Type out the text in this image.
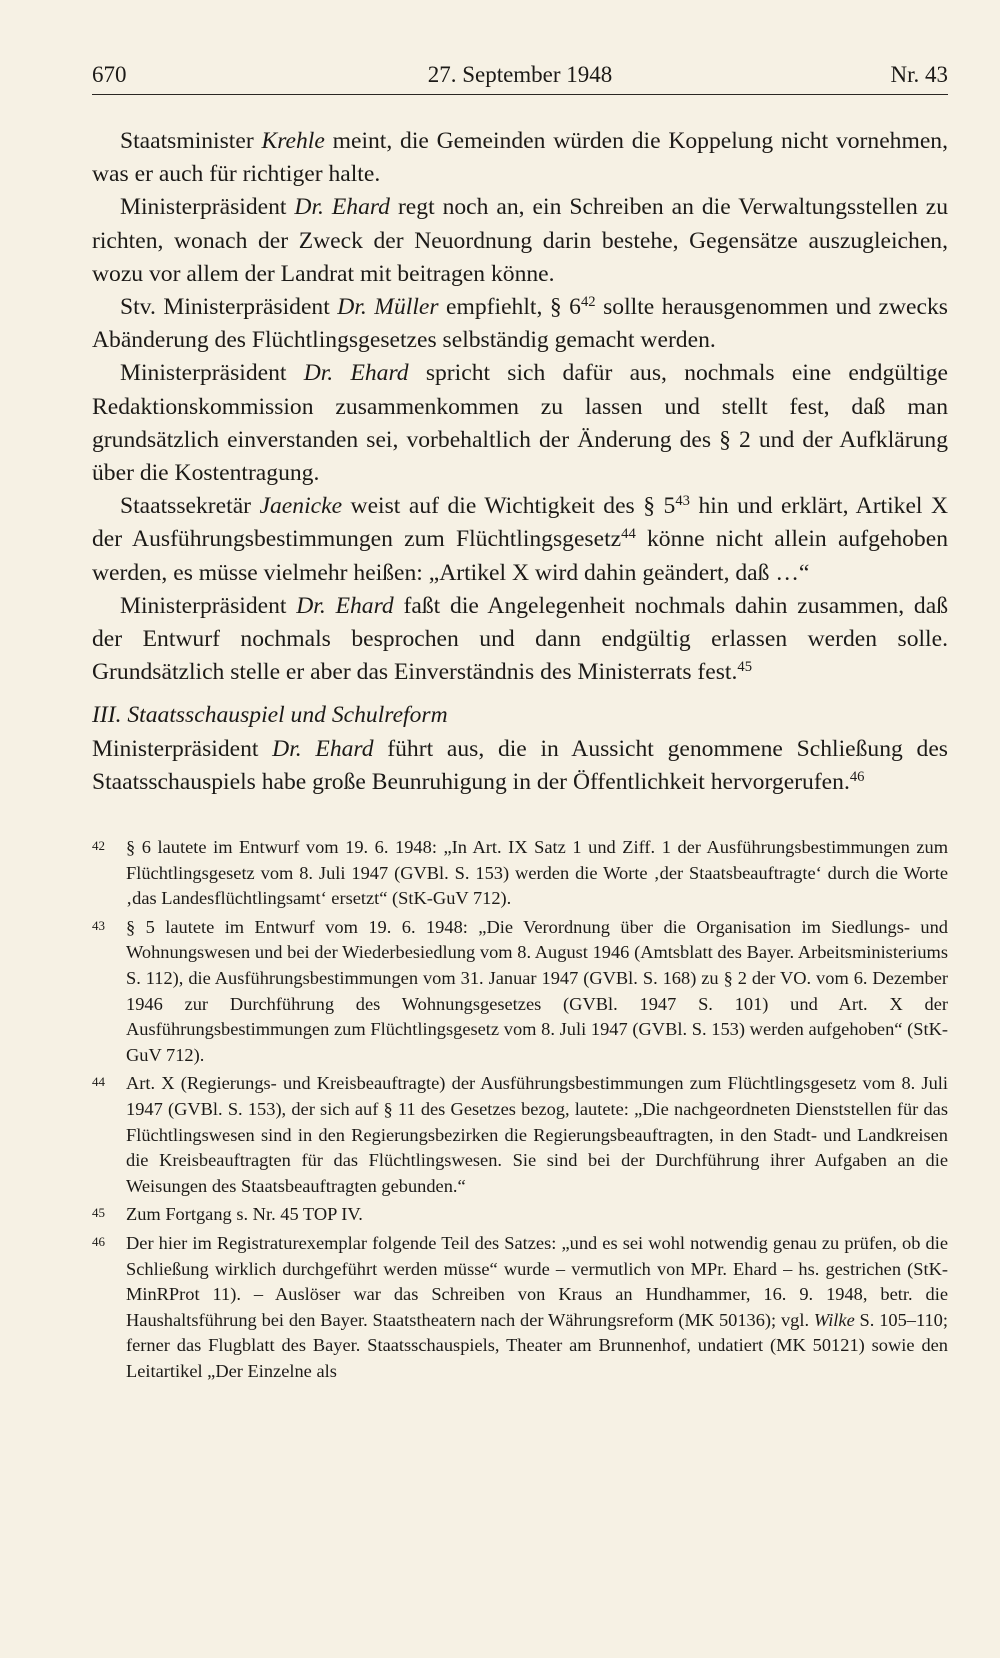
670	27. September 1948	Nr. 43

Staatsminister Krehle meint, die Gemeinden würden die Koppelung nicht vornehmen, was er auch für richtiger halte.

Ministerpräsident Dr. Ehard regt noch an, ein Schreiben an die Verwaltungsstellen zu richten, wonach der Zweck der Neuordnung darin bestehe, Gegensätze auszugleichen, wozu vor allem der Landrat mit beitragen könne.

Stv. Ministerpräsident Dr. Müller empfiehlt, § $6^{42}$ sollte herausgenommen und zwecks Abänderung des Flüchtlingsgesetzes selbständig gemacht werden.

Ministerpräsident Dr. Ehard spricht sich dafür aus, nochmals eine endgültige Redaktionskommission zusammenkommen zu lassen und stellt fest, daß man grundsätzlich einverstanden sei, vorbehaltlich der Änderung des § 2 und der Aufklärung über die Kostentragung.

Staatssekretär Jaenicke weist auf die Wichtigkeit des § $5^{43}$ hin und erklärt, Artikel X der Ausführungsbestimmungen zum Flüchtlingsgesetz$^{44}$ könne nicht allein aufgehoben werden, es müsse vielmehr heißen: „Artikel X wird dahin geändert, daß …“

Ministerpräsident Dr. Ehard faßt die Angelegenheit nochmals dahin zusammen, daß der Entwurf nochmals besprochen und dann endgültig erlassen werden solle. Grundsätzlich stelle er aber das Einverständnis des Ministerrats fest.$^{45}$

III. Staatsschauspiel und Schulreform

Ministerpräsident Dr. Ehard führt aus, die in Aussicht genommene Schließung des Staatsschauspiels habe große Beunruhigung in der Öffentlichkeit hervorgerufen.$^{46}$

42 § 6 lautete im Entwurf vom 19. 6. 1948: „In Art. IX Satz 1 und Ziff. 1 der Ausführungsbestimmungen zum Flüchtlingsgesetz vom 8. Juli 1947 (GVBl. S. 153) werden die Worte ‚der Staatsbeauftragte‘ durch die Worte ‚das Landesflüchtlingsamt‘ ersetzt“ (StK-GuV 712).
43 § 5 lautete im Entwurf vom 19. 6. 1948: „Die Verordnung über die Organisation im Siedlungs- und Wohnungswesen und bei der Wiederbesiedlung vom 8. August 1946 (Amtsblatt des Bayer. Arbeitsministeriums S. 112), die Ausführungsbestimmungen vom 31. Januar 1947 (GVBl. S. 168) zu § 2 der VO. vom 6. Dezember 1946 zur Durchführung des Wohnungsgesetzes (GVBl. 1947 S. 101) und Art. X der Ausführungsbestimmungen zum Flüchtlingsgesetz vom 8. Juli 1947 (GVBl. S. 153) werden aufgehoben“ (StK-GuV 712).
44 Art. X (Regierungs- und Kreisbeauftragte) der Ausführungsbestimmungen zum Flüchtlingsgesetz vom 8. Juli 1947 (GVBl. S. 153), der sich auf § 11 des Gesetzes bezog, lautete: „Die nachgeordneten Dienststellen für das Flüchtlingswesen sind in den Regierungsbezirken die Regierungsbeauftragten, in den Stadt- und Landkreisen die Kreisbeauftragten für das Flüchtlingswesen. Sie sind bei der Durchführung ihrer Aufgaben an die Weisungen des Staatsbeauftragten gebunden.“
45 Zum Fortgang s. Nr. 45 TOP IV.
46 Der hier im Registraturexemplar folgende Teil des Satzes: „und es sei wohl notwendig genau zu prüfen, ob die Schließung wirklich durchgeführt werden müsse“ wurde – vermutlich von MPr. Ehard – hs. gestrichen (StK-MinRProt 11). – Auslöser war das Schreiben von Kraus an Hundhammer, 16. 9. 1948, betr. die Haushaltsführung bei den Bayer. Staatstheatern nach der Währungsreform (MK 50136); vgl. Wilke S. 105–110; ferner das Flugblatt des Bayer. Staatsschauspiels, Theater am Brunnenhof, undatiert (MK 50121) sowie den Leitartikel „Der Einzelne als
